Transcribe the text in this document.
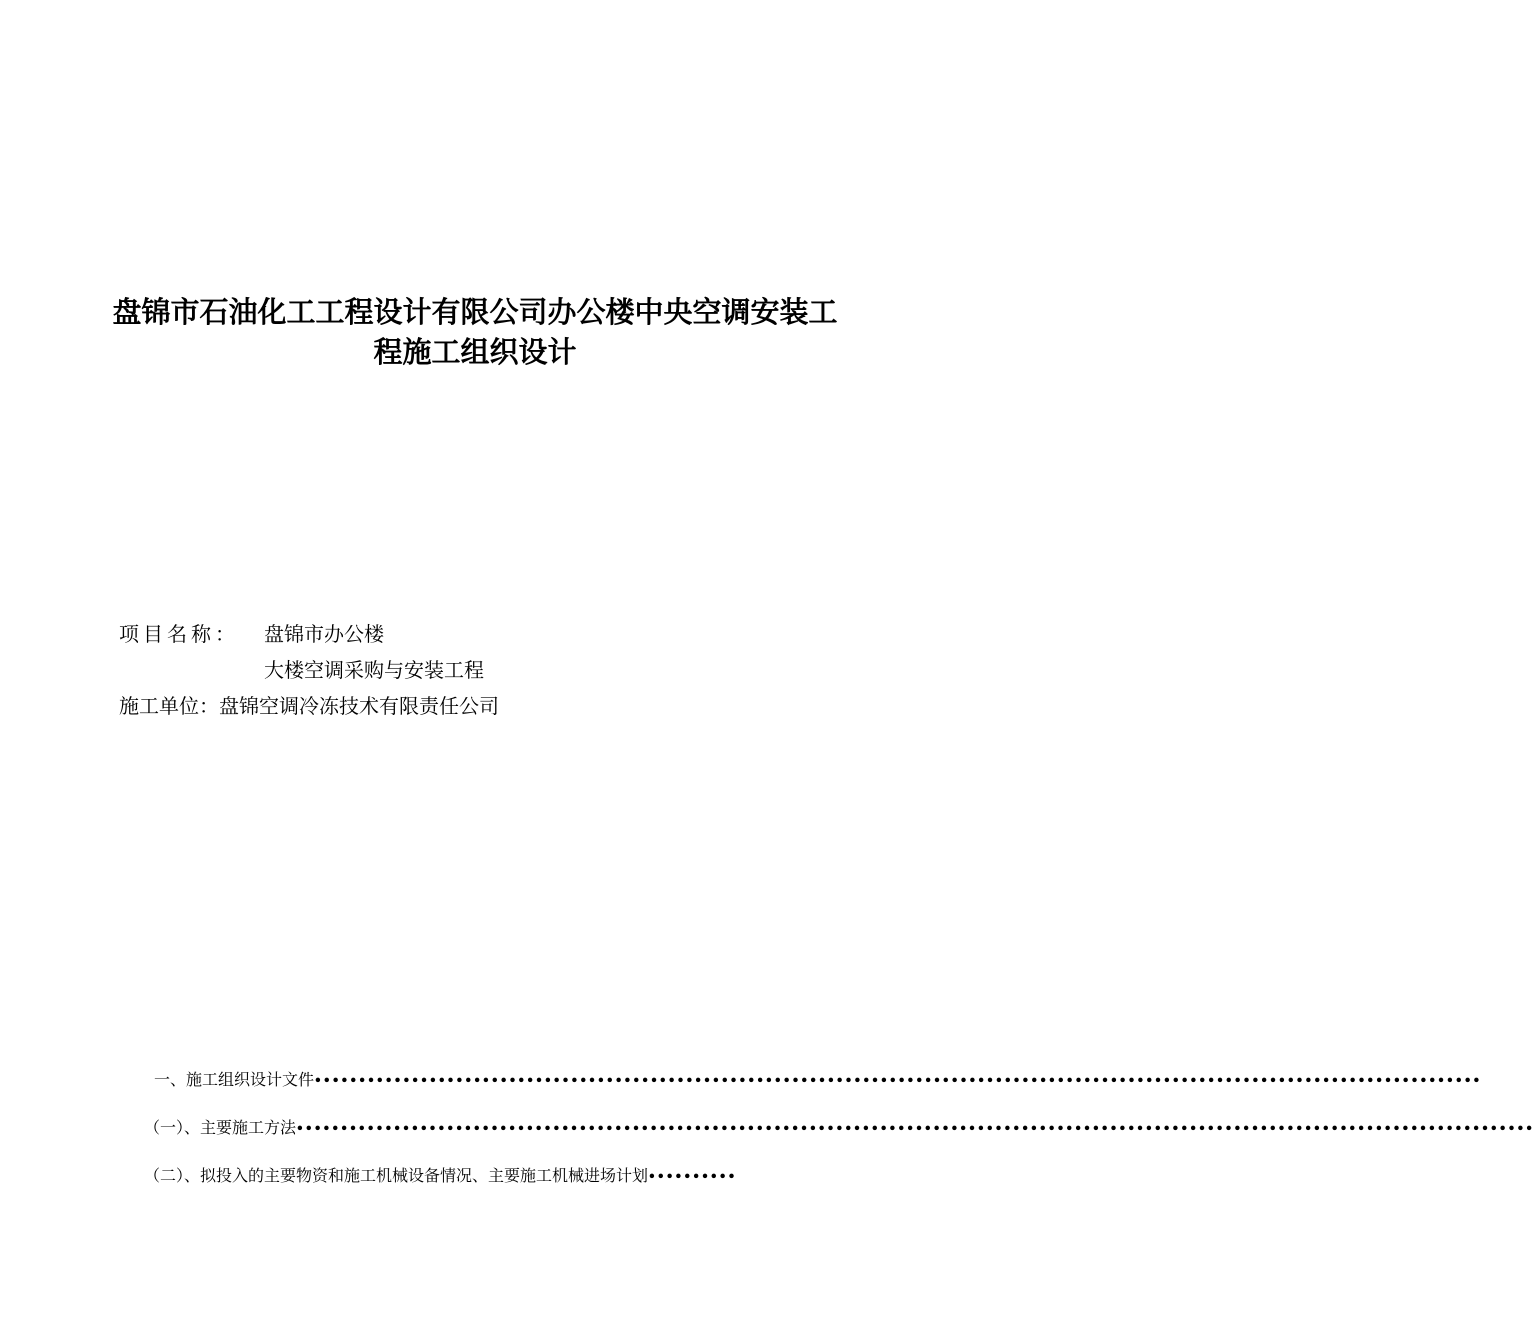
盘锦市石油化工工程设计有限公司办公楼中央空调安装工
程施工组织设计
项目名称：	盘锦市办公楼
大楼空调采购与安装工程
施工单位： 盘锦空调冷冻技术有限责任公司
一、施工组织设计文件 ∙∙∙∙∙∙∙∙∙∙∙∙∙∙∙∙∙∙∙∙∙∙∙∙∙∙∙∙∙∙∙∙∙∙∙∙∙∙∙∙∙∙∙∙∙∙∙∙∙∙∙∙∙∙∙∙∙∙∙∙∙∙∙∙∙∙∙∙∙∙∙∙∙∙∙∙∙∙∙∙∙∙∙∙∙∙∙∙∙∙∙∙∙∙∙∙∙∙∙∙∙∙∙∙∙∙∙∙∙∙∙∙∙∙∙∙∙∙∙∙∙∙∙∙∙∙∙∙∙∙∙∙
（一）、主要施工方法 ∙∙∙∙∙∙∙∙∙∙∙∙∙∙∙∙∙∙∙∙∙∙∙∙∙∙∙∙∙∙∙∙∙∙∙∙∙∙∙∙∙∙∙∙∙∙∙∙∙∙∙∙∙∙∙∙∙∙∙∙∙∙∙∙∙∙∙∙∙∙∙∙∙∙∙∙∙∙∙∙∙∙∙∙∙∙∙∙∙∙∙∙∙∙∙∙∙∙∙∙∙∙∙∙∙∙∙∙∙∙∙∙∙∙∙∙∙∙∙∙∙∙∙∙∙∙∙∙∙∙∙∙∙∙∙∙∙∙∙∙
（二）、拟投入的主要物资和施工机械设备情况、主要施工机械进场计划 ∙∙∙∙∙∙∙∙∙∙
